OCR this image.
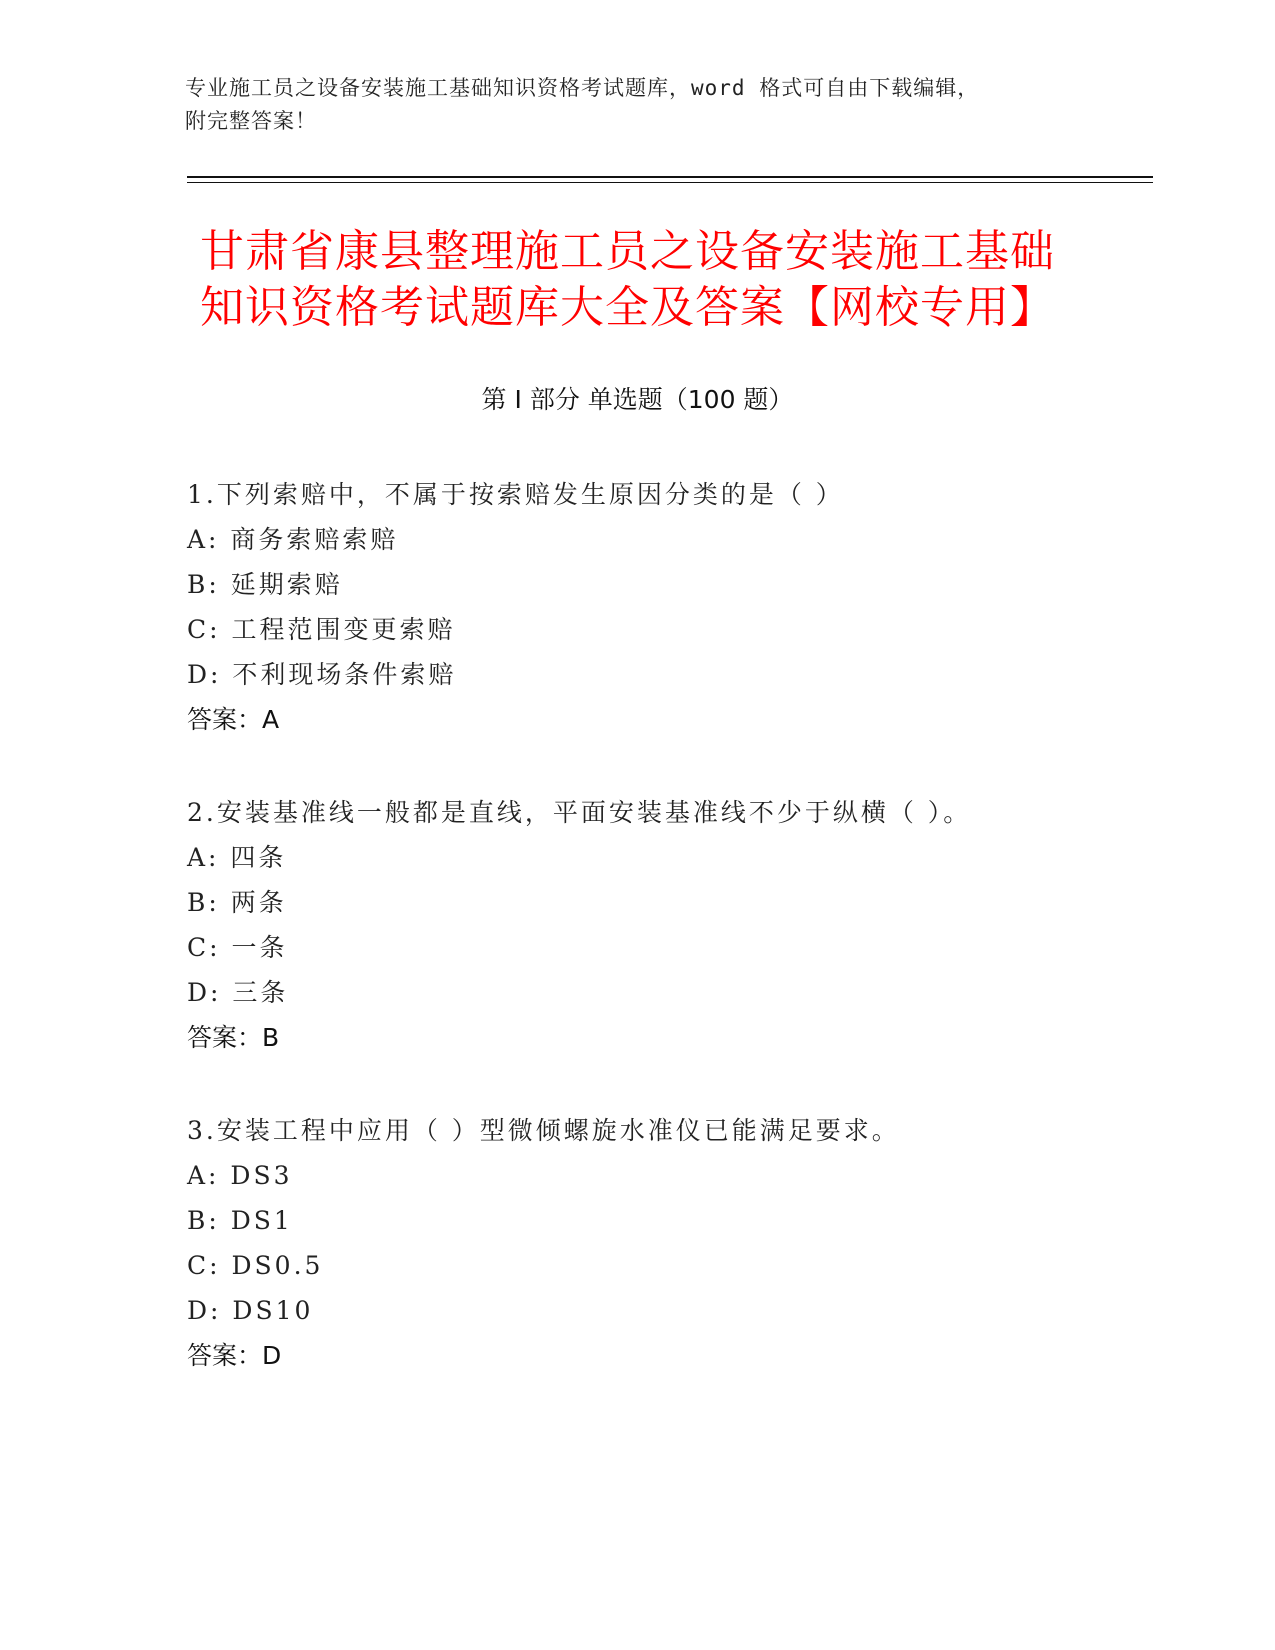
专业施工员之设备安装施工基础知识资格考试题库，word 格式可自由下载编辑，
附完整答案！
甘肃省康县整理施工员之设备安装施工基础
知识资格考试题库大全及答案【网校专用】
第 I 部分 单选题（100 题）
1.下列索赔中，不属于按索赔发生原因分类的是（ ）
A: 商务索赔索赔
B: 延期索赔
C: 工程范围变更索赔
D: 不利现场条件索赔
答案：A
2.安装基准线一般都是直线，平面安装基准线不少于纵横（ ）。
A: 四条
B: 两条
C: 一条
D: 三条
答案：B
3.安装工程中应用（ ）型微倾螺旋水准仪已能满足要求。
A: DS3
B: DS1
C: DS0.5
D: DS10
答案：D
